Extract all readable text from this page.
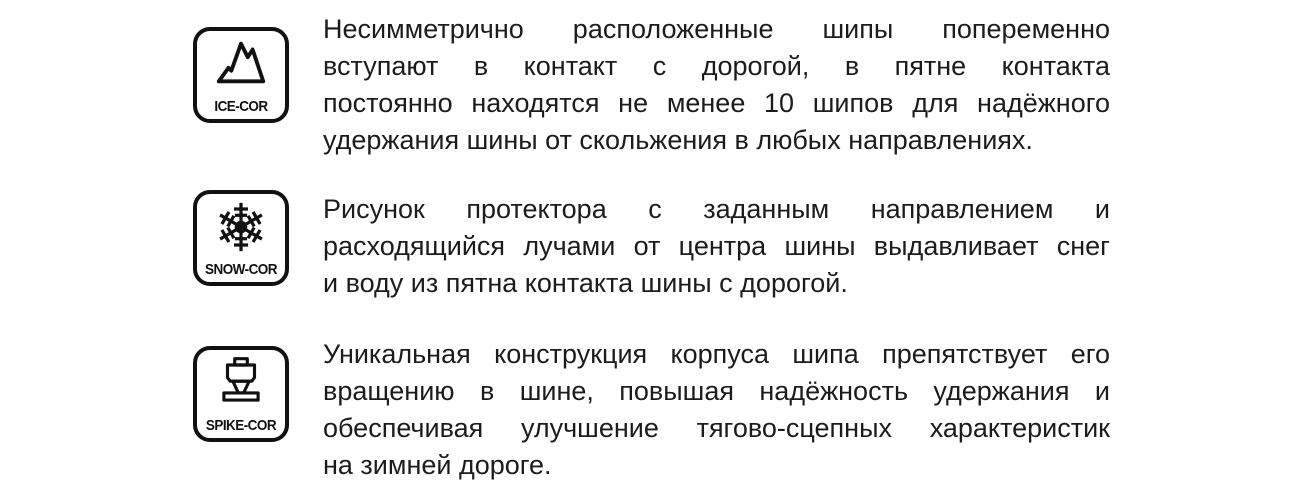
ICE-COR
Несимметрично расположенные шипы попеременно
вступают в контакт с дорогой, в пятне контакта
постоянно находятся не менее 10 шипов для надёжного
удержания шины от скольжения в любых направлениях.
SNOW-COR
Рисунок протектора с заданным направлением и
расходящийся лучами от центра шины выдавливает снег
и воду из пятна контакта шины с дорогой.
SPIKE-COR
Уникальная конструкция корпуса шипа препятствует его
вращению в шине, повышая надёжность удержания и
обеспечивая улучшение тягово-сцепных характеристик
на зимней дороге.
